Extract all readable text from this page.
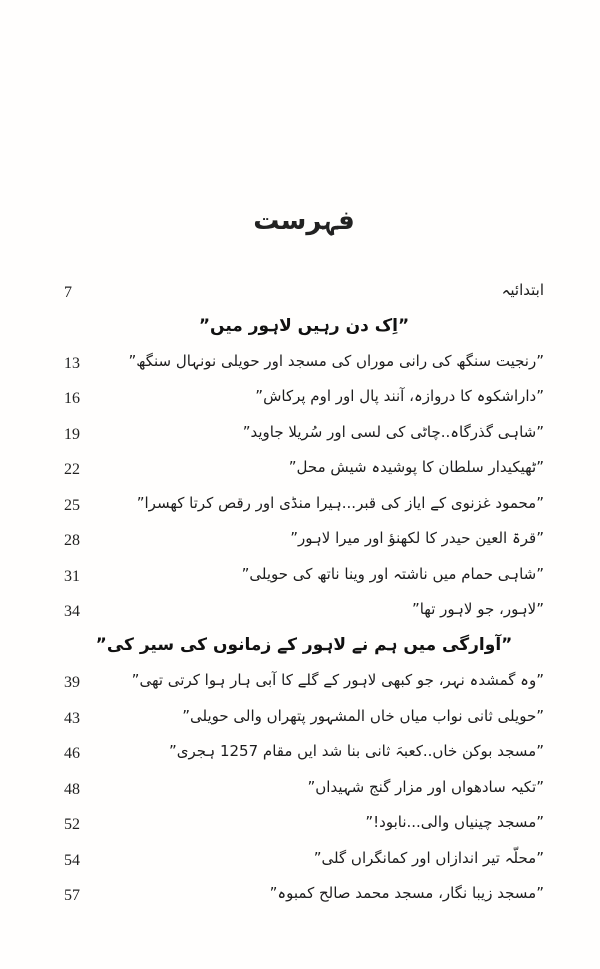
فہرست
7	ابتدائیہ
”اِک دن رہیں لاہور میں”
13	”رنجیت سنگھ کی رانی موراں کی مسجد اور حویلی نونہال سنگھ”
16	”داراشکوہ کا دروازہ، آنند پال اور اوم پرکاش”
19	”شاہی گذرگاہ..چاٹی کی لسی اور سُریلا جاوید”
22	”ٹھیکیدار سلطان کا پوشیدہ شیش محل”
25	”محمود غزنوی کے ایاز کی قبر...ہیرا منڈی اور رقص کرتا کھسرا”
28	”قرۃ العین حیدر کا لکھنؤ اور میرا لاہور”
31	”شاہی حمام میں ناشتہ اور وینا ناتھ کی حویلی”
34	”لاہور، جو لاہور تھا”
”آوارگی میں ہم نے لاہور کے زمانوں کی سیر کی”
39	”وہ گمشدہ نہر، جو کبھی لاہور کے گلے کا آبی ہار ہوا کرتی تھی”
43	”حویلی ثانی نواب میاں خاں المشہور پتھراں والی حویلی”
46	”مسجد بوکن خاں..کعبہَ ثانی بنا شد ایں مقام 1257 ہجری”
48	”تکیہ سادھواں اور مزار گنج شہیداں”
52	”مسجد چینیاں والی...نابود!”
54	”محلّہ تیر اندازاں اور کمانگراں گلی”
57	”مسجد زیبا نگار، مسجد محمد صالح کمبوہ”
